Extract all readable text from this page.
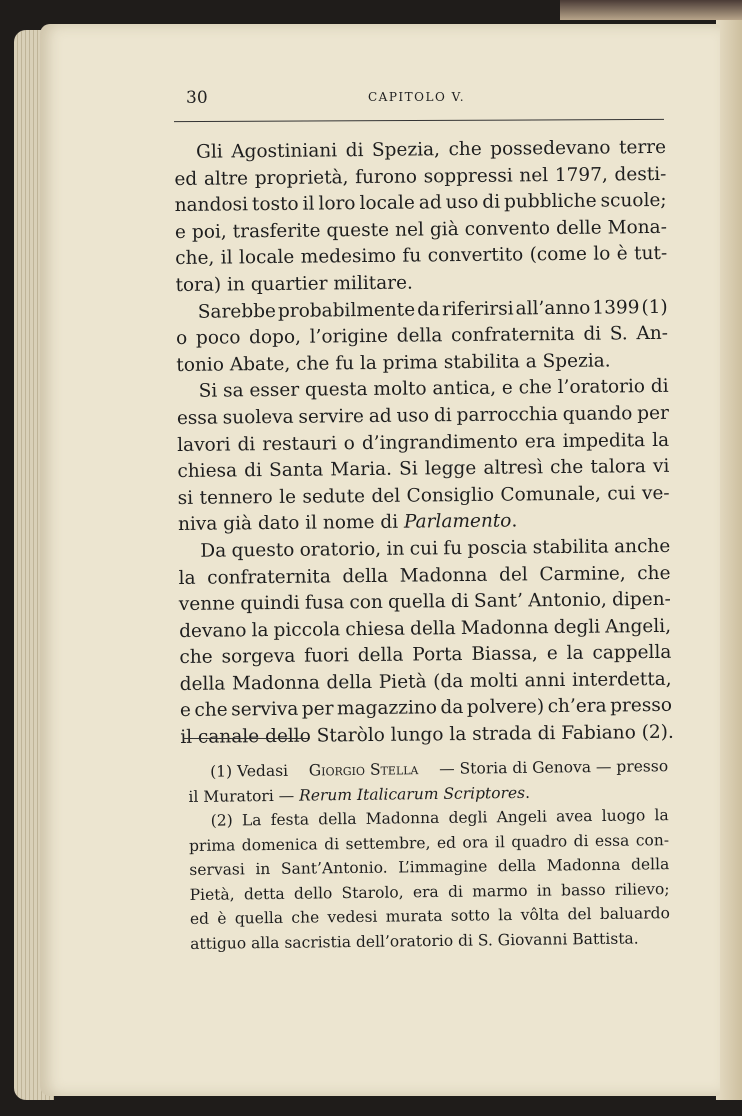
30	CAPITOLO V.
Gli Agostiniani di Spezia, che possedevano terre
ed altre proprietà, furono soppressi nel 1797, desti-
nandosi tosto il loro locale ad uso di pubbliche scuole;
e poi, trasferite queste nel già convento delle Mona-
che, il locale medesimo fu convertito (come lo è tut-
tora) in quartier militare.
Sarebbe probabilmente da riferirsi all’anno 1399 (1)
o poco dopo, l’origine della confraternita di S. An-
tonio Abate, che fu la prima stabilita a Spezia.
Si sa esser questa molto antica, e che l’oratorio di
essa suoleva servire ad uso di parrocchia quando per
lavori di restauri o d’ingrandimento era impedita la
chiesa di Santa Maria. Si legge altresì che talora vi
si tennero le sedute del Consiglio Comunale, cui ve-
niva già dato il nome di Parlamento .
Da questo oratorio, in cui fu poscia stabilita anche
la confraternita della Madonna del Carmine, che
venne quindi fusa con quella di Sant’ Antonio, dipen-
devano la piccola chiesa della Madonna degli Angeli,
che sorgeva fuori della Porta Biassa, e la cappella
della Madonna della Pietà (da molti anni interdetta,
e che serviva per magazzino da polvere) ch’era presso
il canale dello Staròlo lungo la strada di Fabiano (2).
(1) Vedasi Giorgio Stella — Storia di Genova — presso
il Muratori — Rerum Italicarum Scriptores .
(2) La festa della Madonna degli Angeli avea luogo la
prima domenica di settembre, ed ora il quadro di essa con-
servasi in Sant’Antonio. L’immagine della Madonna della
Pietà, detta dello Starolo, era di marmo in basso rilievo;
ed è quella che vedesi murata sotto la vôlta del baluardo
attiguo alla sacristia dell’oratorio di S. Giovanni Battista.
